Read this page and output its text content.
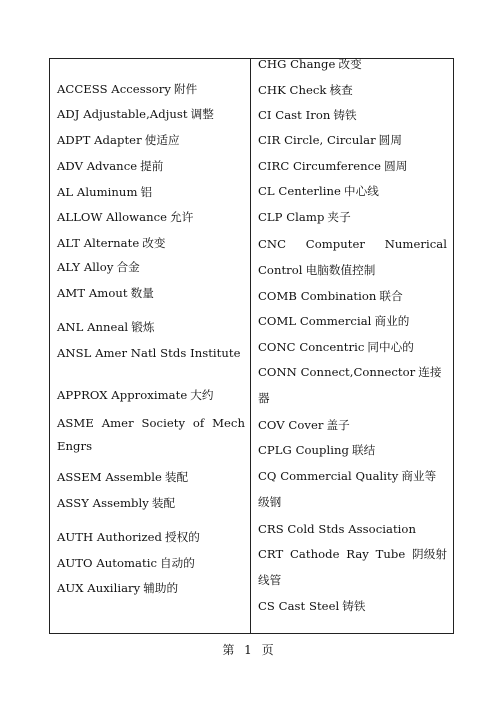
ACCESS Accessory 附件
ADJ Adjustable,Adjust 调整
ADPT Adapter 使适应
ADV Advance 提前
AL Aluminum 铝
ALLOW Allowance 允许
ALT Alternate 改变
ALY Alloy 合金
AMT Amout 数量
ANL Anneal 锻炼
ANSL Amer Natl Stds Institute
APPROX Approximate 大约
ASME Amer Society of Mech
Engrs
ASSEM Assemble 装配
ASSY Assembly 装配
AUTH Authorized 授权的
AUTO Automatic 自动的
AUX Auxiliary 辅助的
CHG Change 改变
CHK Check 核查
CI Cast Iron 铸铁
CIR Circle, Circular 圆周
CIRC Circumference 圆周
CL Centerline 中心线
CLP Clamp 夹子
CNC Computer Numerical
Control 电脑数值控制
COMB Combination 联合
COML Commercial 商业的
CONC Concentric 同中心的
CONN Connect,Connector 连接
器
COV Cover 盖子
CPLG Coupling 联结
CQ Commercial Quality 商业等
级钢
CRS Cold Stds Association
CRT Cathode Ray Tube 阴级射
线管
CS Cast Steel 铸铁
第 1 页
